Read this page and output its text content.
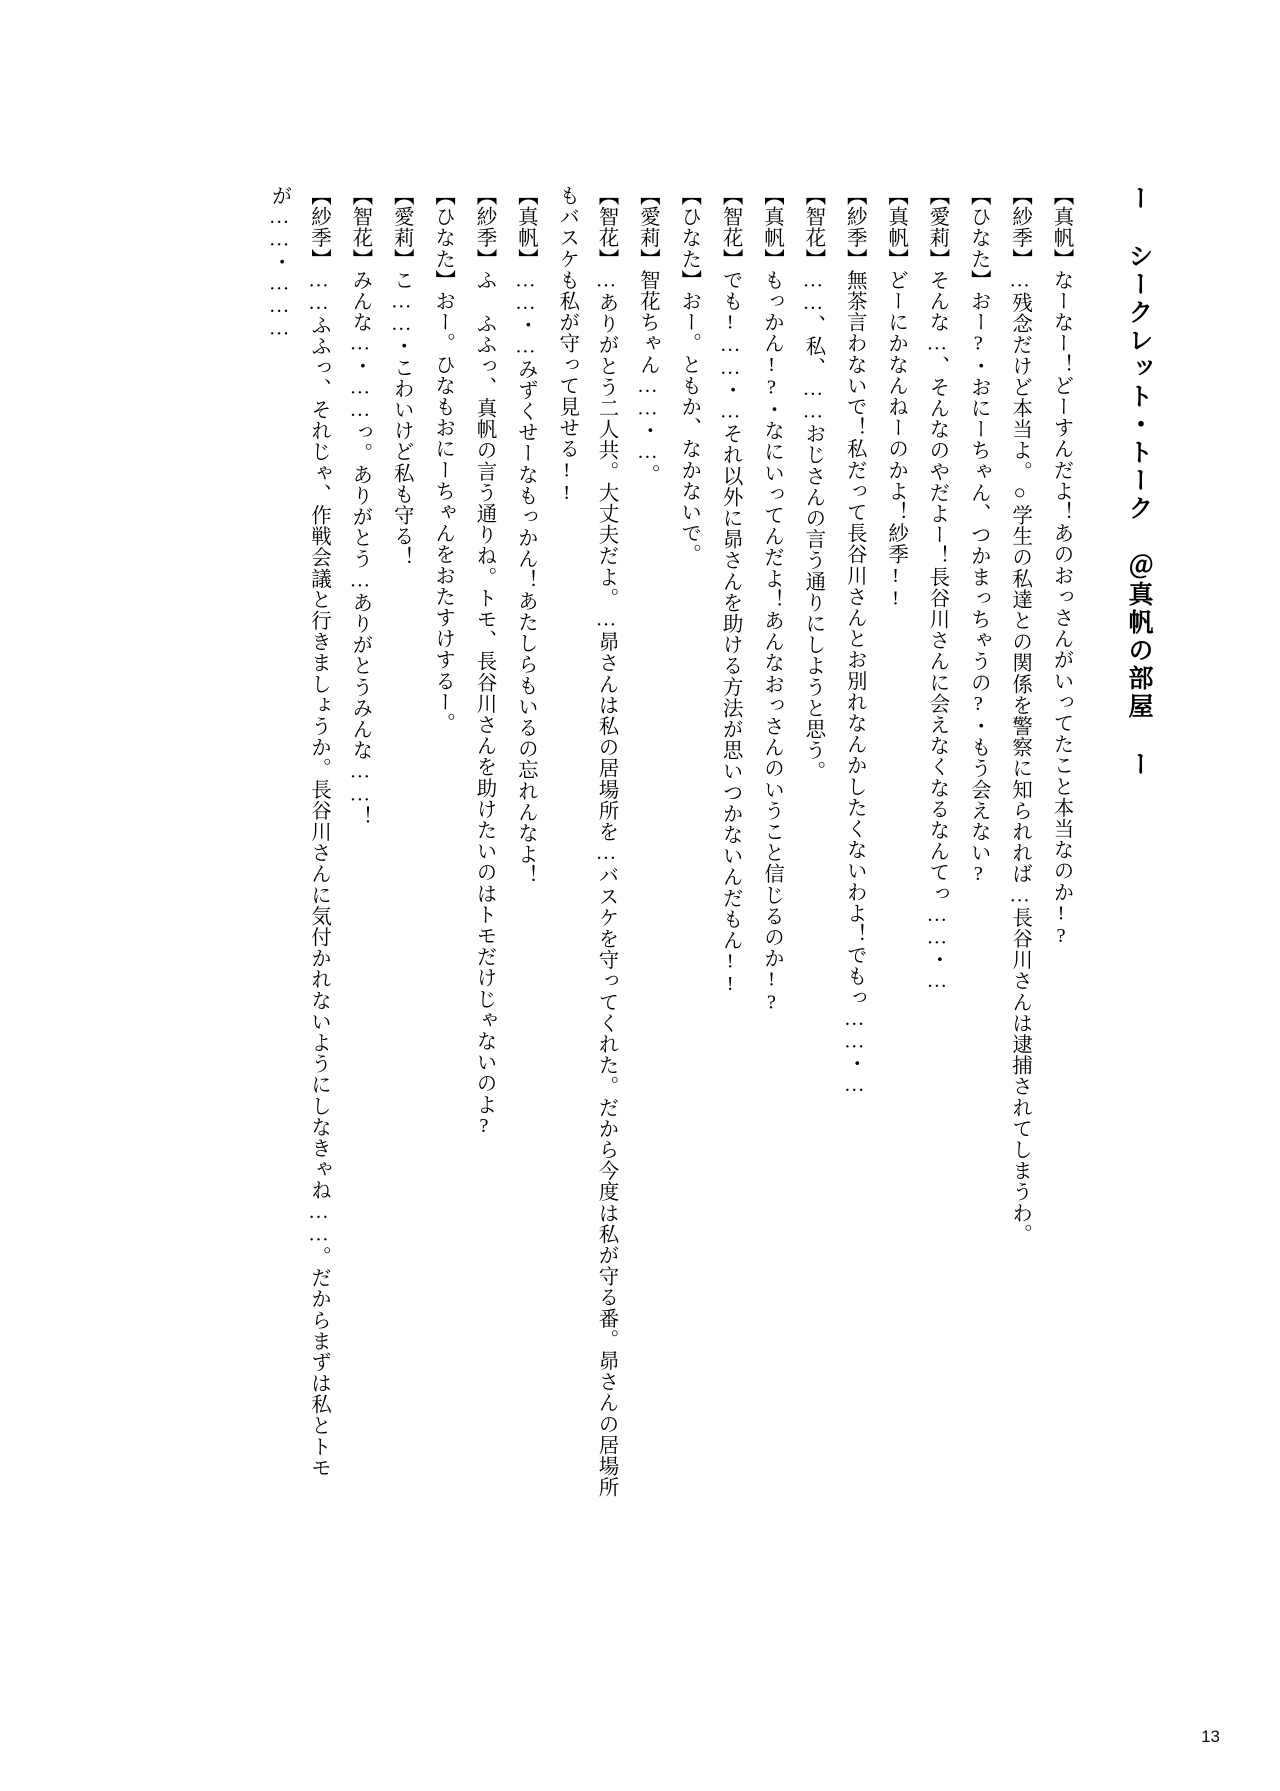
ー シークレット・トーク ＠真帆の部屋 ー
【真帆】なーなー！どーすんだよ！あのおっさんがいってたこと本当なのか!?
【紗季】…残念だけど本当よ。○学生の私達との関係を警察に知られれば…長谷川さんは逮捕されてしまうわ。
【ひなた】おー?･おにーちゃん、つかまっちゃうの?･もう会えない?
【愛莉】そんな…、そんなのやだよー！長谷川さんに会えなくなるなんてっ……･…
【真帆】どーにかなんねーのかよ！紗季!!
【紗季】無茶言わないで！私だって長谷川さんとお別れなんかしたくないわよ！でもっ……･…
【智花】……、私、……おじさんの言う通りにしようと思う。
【真帆】もっかん!?･なにいってんだよ！あんなおっさんのいうこと信じるのか!?
【智花】でも!……･…それ以外に昴さんを助ける方法が思いつかないんだもん!!
【ひなた】おー。ともか、なかないで。
【愛莉】智花ちゃん……･…。
【智花】…ありがとう二人共。大丈夫だよ。…昴さんは私の居場所を…バスケを守ってくれた。だから今度は私が守る番。昴さんの居場所もバスケも私が守って見せる!!
【真帆】……･…みずくせーなもっかん！あたしらもいるの忘れんなよ！
【紗季】ふ ふふっ、真帆の言う通りね。トモ、長谷川さんを助けたいのはトモだけじゃないのよ?
【ひなた】おー。ひなもおにーちゃんをおたすけするー。
【愛莉】こ……･こわいけど私も守る！
【智花】みんな…･……っ。ありがとう…ありがとうみんな……！
【紗季】……ふふっ、それじゃ、作戦会議と行きましょうか。長谷川さんに気付かれないようにしなきゃね……。だからまずは私とトモが……･………
13
